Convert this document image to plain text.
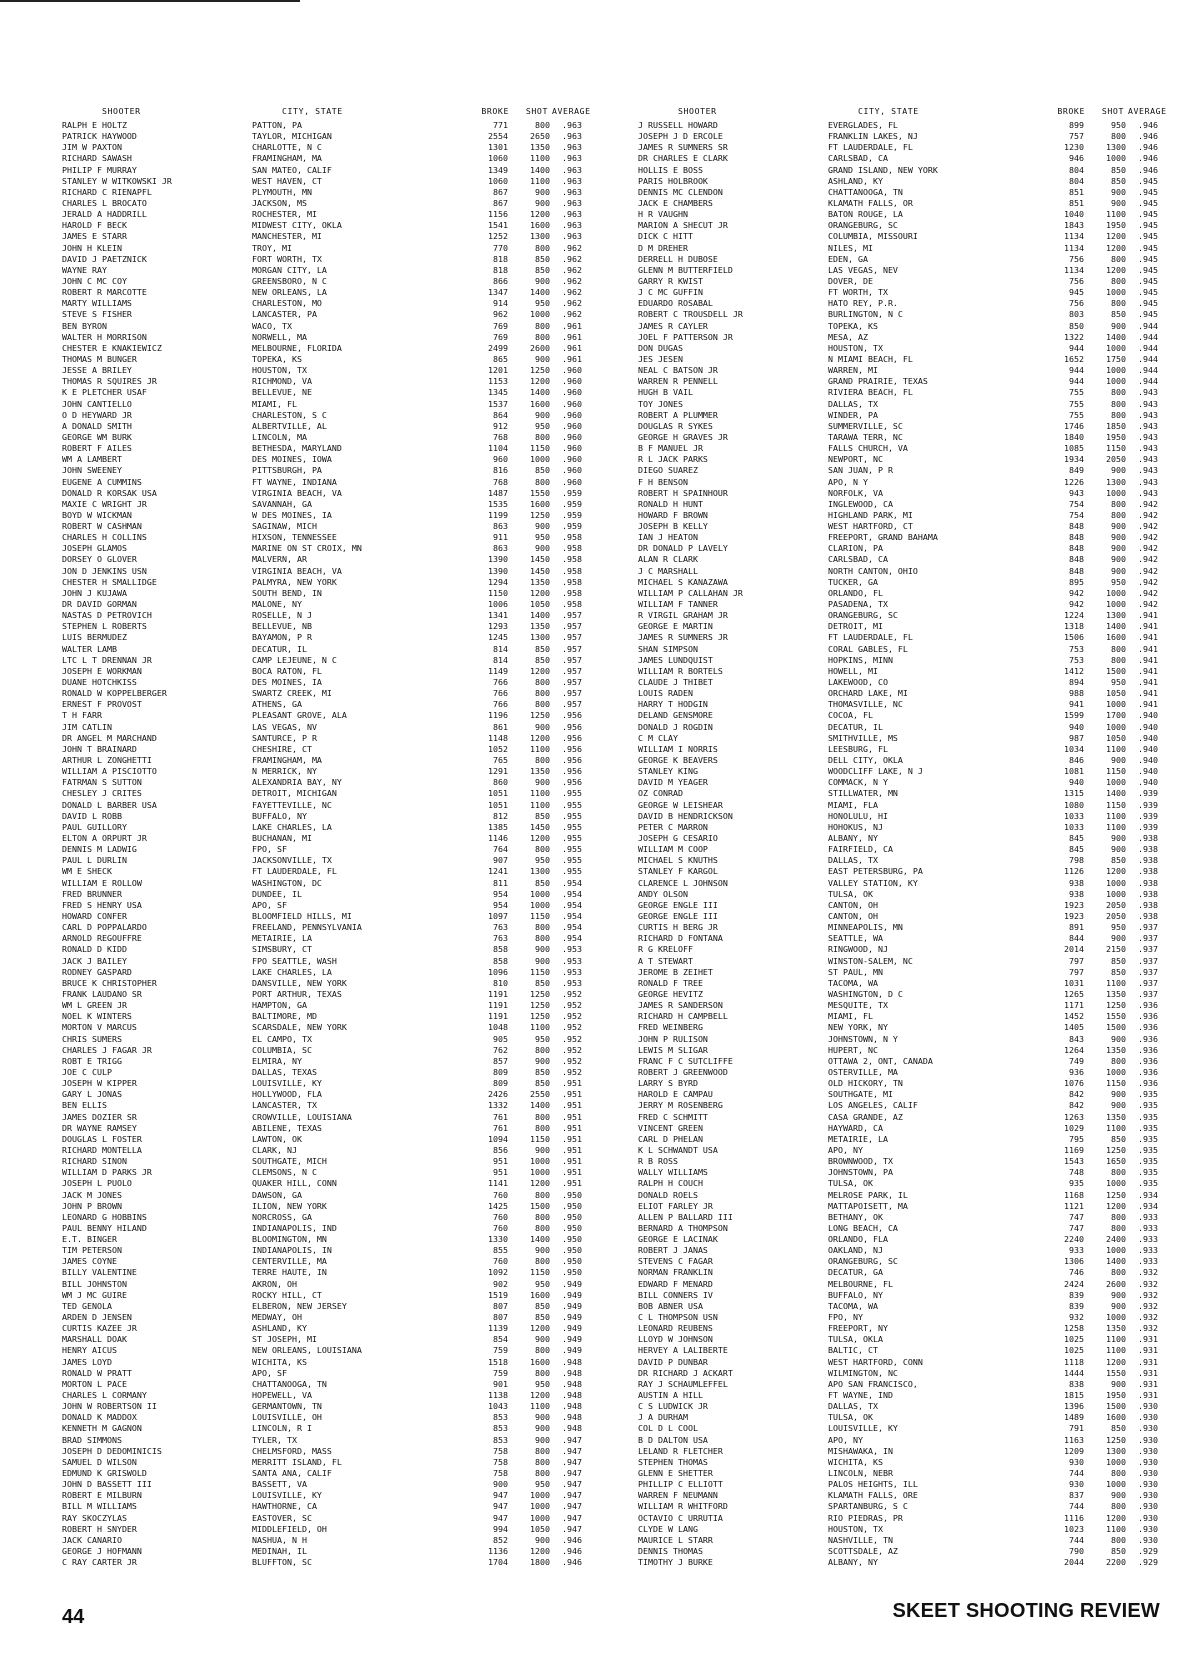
SHOOTER	CITY, STATE	BROKE	SHOT AVERAGE
RALPH E HOLTZ	PATTON, PA	771	800 .963
PATRICK HAYWOOD	TAYLOR, MICHIGAN	2554	2650 .963
JIM W PAXTON	CHARLOTTE, N C	1301	1350 .963
RICHARD SAWASH	FRAMINGHAM, MA	1060	1100 .963
PHILIP F MURRAY	SAN MATEO, CALIF	1349	1400 .963
STANLEY W WITKOWSKI JR	WEST HAVEN, CT	1060	1100 .963
RICHARD C RIENAPFL	PLYMOUTH, MN	867	900 .963
CHARLES L BROCATO	JACKSON, MS	867	900 .963
JERALD A HADDRILL	ROCHESTER, MI	1156	1200 .963
HAROLD F BECK	MIDWEST CITY, OKLA	1541	1600 .963
JAMES E STARR	MANCHESTER, MI	1252	1300 .963
JOHN H KLEIN	TROY, MI	770	800 .962
DAVID J PAETZNICK	FORT WORTH, TX	818	850 .962
WAYNE RAY	MORGAN CITY, LA	818	850 .962
JOHN C MC COY	GREENSBORO, N C	866	900 .962
ROBERT R MARCOTTE	NEW ORLEANS, LA	1347	1400 .962
MARTY WILLIAMS	CHARLESTON, MO	914	950 .962
STEVE S FISHER	LANCASTER, PA	962	1000 .962
BEN BYRON	WACO, TX	769	800 .961
WALTER H MORRISON	NORWELL, MA	769	800 .961
CHESTER E KNAKIEWICZ	MELBOURNE, FLORIDA	2499	2600 .961
THOMAS M BUNGER	TOPEKA, KS	865	900 .961
JESSE A BRILEY	HOUSTON, TX	1201	1250 .960
THOMAS R SQUIRES JR	RICHMOND, VA	1153	1200 .960
K E PLETCHER USAF	BELLEVUE, NE	1345	1400 .960
JOHN CANTIELLO	MIAMI, FL	1537	1600 .960
O D HEYWARD JR	CHARLESTON, S C	864	900 .960
A DONALD SMITH	ALBERTVILLE, AL	912	950 .960
GEORGE WM BURK	LINCOLN, MA	768	800 .960
ROBERT F AILES	BETHESDA, MARYLAND	1104	1150 .960
WM A LAMBERT	DES MOINES, IOWA	960	1000 .960
JOHN SWEENEY	PITTSBURGH, PA	816	850 .960
EUGENE A CUMMINS	FT WAYNE, INDIANA	768	800 .960
DONALD R KORSAK USA	VIRGINIA BEACH, VA	1487	1550 .959
MAXIE C WRIGHT JR	SAVANNAH, GA	1535	1600 .959
BOYD W WICKMAN	W DES MOINES, IA	1199	1250 .959
ROBERT W CASHMAN	SAGINAW, MICH	863	900 .959
CHARLES H COLLINS	HIXSON, TENNESSEE	911	950 .958
JOSEPH GLAMOS	MARINE ON ST CROIX, MN	863	900 .958
DORSEY O GLOVER	MALVERN, AR	1390	1450 .958
JON D JENKINS USN	VIRGINIA BEACH, VA	1390	1450 .958
CHESTER H SMALLIDGE	PALMYRA, NEW YORK	1294	1350 .958
JOHN J KUJAWA	SOUTH BEND, IN	1150	1200 .958
DR DAVID GORMAN	MALONE, NY	1006	1050 .958
NASTAS D PETROVICH	ROSELLE, N J	1341	1400 .957
STEPHEN L ROBERTS	BELLEVUE, NB	1293	1350 .957
LUIS BERMUDEZ	BAYAMON, P R	1245	1300 .957
WALTER LAMB	DECATUR, IL	814	850 .957
LTC L T DRENNAN JR	CAMP LEJEUNE, N C	814	850 .957
JOSEPH E WORKMAN	BOCA RATON, FL	1149	1200 .957
DUANE HOTCHKISS	DES MOINES, IA	766	800 .957
RONALD W KOPPELBERGER	SWARTZ CREEK, MI	766	800 .957
ERNEST F PROVOST	ATHENS, GA	766	800 .957
T H FARR	PLEASANT GROVE, ALA	1196	1250 .956
JIM CATLIN	LAS VEGAS, NV	861	900 .956
DR ANGEL M MARCHAND	SANTURCE, P R	1148	1200 .956
JOHN T BRAINARD	CHESHIRE, CT	1052	1100 .956
ARTHUR L ZONGHETTI	FRAMINGHAM, MA	765	800 .956
WILLIAM A PISCIOTTO	N MERRICK, NY	1291	1350 .956
FATRMAN S SUTTON	ALEXANDRIA BAY, NY	860	900 .956
CHESLEY J CRITES	DETROIT, MICHIGAN	1051	1100 .955
DONALD L BARBER USA	FAYETTEVILLE, NC	1051	1100 .955
DAVID L ROBB	BUFFALO, NY	812	850 .955
PAUL GUILLORY	LAKE CHARLES, LA	1385	1450 .955
ELTON A ORPURT JR	BUCHANAN, MI	1146	1200 .955
DENNIS M LADWIG	FPO, SF	764	800 .955
PAUL L DURLIN	JACKSONVILLE, TX	907	950 .955
WM E SHECK	FT LAUDERDALE, FL	1241	1300 .955
WILLIAM E ROLLOW	WASHINGTON, DC	811	850 .954
FRED BRUNNER	DUNDEE, IL	954	1000 .954
FRED S HENRY USA	APO, SF	954	1000 .954
HOWARD CONFER	BLOOMFIELD HILLS, MI	1097	1150 .954
CARL D POPPALARDO	FREELAND, PENNSYLVANIA	763	800 .954
ARNOLD REGOUFFRE	METAIRIE, LA	763	800 .954
RONALD D KIDD	SIMSBURY, CT	858	900 .953
JACK J BAILEY	FPO SEATTLE, WASH	858	900 .953
RODNEY GASPARD	LAKE CHARLES, LA	1096	1150 .953
BRUCE K CHRISTOPHER	DANSVILLE, NEW YORK	810	850 .953
FRANK LAUDANO SR	PORT ARTHUR, TEXAS	1191	1250 .952
WM L GREEN JR	HAMPTON, GA	1191	1250 .952
NOEL K WINTERS	BALTIMORE, MD	1191	1250 .952
MORTON V MARCUS	SCARSDALE, NEW YORK	1048	1100 .952
CHRIS SUMERS	EL CAMPO, TX	905	950 .952
CHARLES J FAGAR JR	COLUMBIA, SC	762	800 .952
ROBT E TRIGG	ELMIRA, NY	857	900 .952
JOE C CULP	DALLAS, TEXAS	809	850 .952
JOSEPH W KIPPER	LOUISVILLE, KY	809	850 .951
GARY L JONAS	HOLLYWOOD, FLA	2426	2550 .951
BEN ELLIS	LANCASTER, TX	1332	1400 .951
JAMES DOZIER SR	CROWVILLE, LOUISIANA	761	800 .951
DR WAYNE RAMSEY	ABILENE, TEXAS	761	800 .951
DOUGLAS L FOSTER	LAWTON, OK	1094	1150 .951
RICHARD MONTELLA	CLARK, NJ	856	900 .951
RICHARD SINON	SOUTHGATE, MICH	951	1000 .951
WILLIAM D PARKS JR	CLEMSONS, N C	951	1000 .951
JOSEPH L PUOLO	QUAKER HILL, CONN	1141	1200 .951
JACK M JONES	DAWSON, GA	760	800 .950
JOHN P BROWN	ILION, NEW YORK	1425	1500 .950
LEONARD G HOBBINS	NORCROSS, GA	760	800 .950
PAUL BENNY HILAND	INDIANAPOLIS, IND	760	800 .950
E.T. BINGER	BLOOMINGTON, MN	1330	1400 .950
TIM PETERSON	INDIANAPOLIS, IN	855	900 .950
JAMES COYNE	CENTERVILLE, MA	760	800 .950
BILLY VALENTINE	TERRE HAUTE, IN	1092	1150 .950
BILL JOHNSTON	AKRON, OH	902	950 .949
WM J MC GUIRE	ROCKY HILL, CT	1519	1600 .949
TED GENOLA	ELBERON, NEW JERSEY	807	850 .949
ARDEN D JENSEN	MEDWAY, OH	807	850 .949
CURTIS KAZEE JR	ASHLAND, KY	1139	1200 .949
MARSHALL DOAK	ST JOSEPH, MI	854	900 .949
HENRY AICUS	NEW ORLEANS, LOUISIANA	759	800 .949
JAMES LOYD	WICHITA, KS	1518	1600 .948
RONALD W PRATT	APO, SF	759	800 .948
MORTON L PACE	CHATTANOOGA, TN	901	950 .948
CHARLES L CORMANY	HOPEWELL, VA	1138	1200 .948
JOHN W ROBERTSON II	GERMANTOWN, TN	1043	1100 .948
DONALD K MADDOX	LOUISVILLE, OH	853	900 .948
KENNETH M GAGNON	LINCOLN, R I	853	900 .948
BRAD SIMMONS	TYLER, TX	853	900 .947
JOSEPH D DEDOMINICIS	CHELMSFORD, MASS	758	800 .947
SAMUEL D WILSON	MERRITT ISLAND, FL	758	800 .947
EDMUND K GRISWOLD	SANTA ANA, CALIF	758	800 .947
JOHN D BASSETT III	BASSETT, VA	900	950 .947
ROBERT E MILBURN	LOUISVILLE, KY	947	1000 .947
BILL M WILLIAMS	HAWTHORNE, CA	947	1000 .947
RAY SKOCZYLAS	EASTOVER, SC	947	1000 .947
ROBERT H SNYDER	MIDDLEFIELD, OH	994	1050 .947
JACK CANARIO	NASHUA, N H	852	900 .946
GEORGE J HOFMANN	MEDINAH, IL	1136	1200 .946
C RAY CARTER JR	BLUFFTON, SC	1704	1800 .946
SHOOTER	CITY, STATE	BROKE	SHOT AVERAGE
J RUSSELL HOWARD	EVERGLADES, FL	899	950 .946
JOSEPH J D ERCOLE	FRANKLIN LAKES, NJ	757	800 .946
JAMES R SUMNERS SR	FT LAUDERDALE, FL	1230	1300 .946
DR CHARLES E CLARK	CARLSBAD, CA	946	1000 .946
HOLLIS E BOSS	GRAND ISLAND, NEW YORK	804	850 .946
PARIS HOLBROOK	ASHLAND, KY	804	850 .945
DENNIS MC CLENDON	CHATTANOOGA, TN	851	900 .945
JACK E CHAMBERS	KLAMATH FALLS, OR	851	900 .945
H R VAUGHN	BATON ROUGE, LA	1040	1100 .945
MARION A SHECUT JR	ORANGEBURG, SC	1843	1950 .945
DICK C HITT	COLUMBIA, MISSOURI	1134	1200 .945
D M DREHER	NILES, MI	1134	1200 .945
DERRELL H DUBOSE	EDEN, GA	756	800 .945
GLENN M BUTTERFIELD	LAS VEGAS, NEV	1134	1200 .945
GARRY R KWIST	DOVER, DE	756	800 .945
J C MC GUFFIN	FT WORTH, TX	945	1000 .945
EDUARDO ROSABAL	HATO REY, P.R.	756	800 .945
ROBERT C TROUSDELL JR	BURLINGTON, N C	803	850 .945
JAMES R CAYLER	TOPEKA, KS	850	900 .944
JOEL F PATTERSON JR	MESA, AZ	1322	1400 .944
DON DUGAS	HOUSTON, TX	944	1000 .944
JES JESEN	N MIAMI BEACH, FL	1652	1750 .944
NEAL C BATSON JR	WARREN, MI	944	1000 .944
WARREN R PENNELL	GRAND PRAIRIE, TEXAS	944	1000 .944
HUGH B VAIL	RIVIERA BEACH, FL	755	800 .943
TOY JONES	DALLAS, TX	755	800 .943
ROBERT A PLUMMER	WINDER, PA	755	800 .943
DOUGLAS R SYKES	SUMMERVILLE, SC	1746	1850 .943
GEORGE H GRAVES JR	TARAWA TERR, NC	1840	1950 .943
B F MANUEL JR	FALLS CHURCH, VA	1085	1150 .943
R L JACK PARKS	NEWPORT, NC	1934	2050 .943
DIEGO SUAREZ	SAN JUAN, P R	849	900 .943
F H BENSON	APO, N Y	1226	1300 .943
ROBERT H SPAINHOUR	NORFOLK, VA	943	1000 .943
RONALD H HUNT	INGLEWOOD, CA	754	800 .942
HOWARD F BROWN	HIGHLAND PARK, MI	754	800 .942
JOSEPH B KELLY	WEST HARTFORD, CT	848	900 .942
IAN J HEATON	FREEPORT, GRAND BAHAMA	848	900 .942
DR DONALD P LAVELY	CLARION, PA	848	900 .942
ALAN R CLARK	CARLSBAD, CA	848	900 .942
J C MARSHALL	NORTH CANTON, OHIO	848	900 .942
MICHAEL S KANAZAWA	TUCKER, GA	895	950 .942
WILLIAM P CALLAHAN JR	ORLANDO, FL	942	1000 .942
WILLIAM F TANNER	PASADENA, TX	942	1000 .942
R VIRGIL GRAHAM JR	ORANGEBURG, SC	1224	1300 .941
GEORGE E MARTIN	DETROIT, MI	1318	1400 .941
JAMES R SUMNERS JR	FT LAUDERDALE, FL	1506	1600 .941
SHAN SIMPSON	CORAL GABLES, FL	753	800 .941
JAMES LUNDQUIST	HOPKINS, MINN	753	800 .941
WILLIAM R BORTELS	HOWELL, MI	1412	1500 .941
CLAUDE J THIBET	LAKEWOOD, CO	894	950 .941
LOUIS RADEN	ORCHARD LAKE, MI	988	1050 .941
HARRY T HODGIN	THOMASVILLE, NC	941	1000 .941
DELAND GENSMORE	COCOA, FL	1599	1700 .940
DONALD J ROGDIN	DECATUR, IL	940	1000 .940
C M CLAY	SMITHVILLE, MS	987	1050 .940
WILLIAM I NORRIS	LEESBURG, FL	1034	1100 .940
GEORGE K BEAVERS	DELL CITY, OKLA	846	900 .940
STANLEY KING	WOODCLIFF LAKE, N J	1081	1150 .940
DAVID M YEAGER	COMMACK, N Y	940	1000 .940
OZ CONRAD	STILLWATER, MN	1315	1400 .939
GEORGE W LEISHEAR	MIAMI, FLA	1080	1150 .939
DAVID B HENDRICKSON	HONOLULU, HI	1033	1100 .939
PETER C MARRON	HOHOKUS, NJ	1033	1100 .939
JOSEPH G CESARIO	ALBANY, NY	845	900 .938
WILLIAM M COOP	FAIRFIELD, CA	845	900 .938
MICHAEL S KNUTHS	DALLAS, TX	798	850 .938
STANLEY F KARGOL	EAST PETERSBURG, PA	1126	1200 .938
CLARENCE L JOHNSON	VALLEY STATION, KY	938	1000 .938
ANDY OLSON	TULSA, OK	938	1000 .938
GEORGE ENGLE III	CANTON, OH	1923	2050 .938
GEORGE ENGLE III	CANTON, OH	1923	2050 .938
CURTIS H BERG JR	MINNEAPOLIS, MN	891	950 .937
RICHARD D FONTANA	SEATTLE, WA	844	900 .937
R G KRELOFF	RINGWOOD, NJ	2014	2150 .937
A T STEWART	WINSTON-SALEM, NC	797	850 .937
JEROME B ZEIHET	ST PAUL, MN	797	850 .937
RONALD F TREE	TACOMA, WA	1031	1100 .937
GEORGE HEVITZ	WASHINGTON, D C	1265	1350 .937
JAMES R SANDERSON	MESQUITE, TX	1171	1250 .936
RICHARD H CAMPBELL	MIAMI, FL	1452	1550 .936
FRED WEINBERG	NEW YORK, NY	1405	1500 .936
JOHN P RULISON	JOHNSTOWN, N Y	843	900 .936
LEWIS M SLIGAR	HUPERT, NC	1264	1350 .936
FRANC F C SUTCLIFFE	OTTAWA 2, ONT, CANADA	749	800 .936
ROBERT J GREENWOOD	OSTERVILLE, MA	936	1000 .936
LARRY S BYRD	OLD HICKORY, TN	1076	1150 .936
HAROLD E CAMPAU	SOUTHGATE, MI	842	900 .935
JERRY M ROSENBERG	LOS ANGELES, CALIF	842	900 .935
FRED C SCHMITT	CASA GRANDE, AZ	1263	1350 .935
VINCENT GREEN	HAYWARD, CA	1029	1100 .935
CARL D PHELAN	METAIRIE, LA	795	850 .935
K L SCHWANDT USA	APO, NY	1169	1250 .935
R B ROSS	BROWNWOOD, TX	1543	1650 .935
WALLY WILLIAMS	JOHNSTOWN, PA	748	800 .935
RALPH H COUCH	TULSA, OK	935	1000 .935
DONALD ROELS	MELROSE PARK, IL	1168	1250 .934
ELIOT FARLEY JR	MATTAPOISETT, MA	1121	1200 .934
ALLEN P BALLARD III	BETHANY, OK	747	800 .933
BERNARD A THOMPSON	LONG BEACH, CA	747	800 .933
GEORGE E LACINAK	ORLANDO, FLA	2240	2400 .933
ROBERT J JANAS	OAKLAND, NJ	933	1000 .933
STEVENS C FAGAR	ORANGEBURG, SC	1306	1400 .933
NORMAN FRANKLIN	DECATUR, GA	746	800 .932
EDWARD F MENARD	MELBOURNE, FL	2424	2600 .932
BILL CONNERS IV	BUFFALO, NY	839	900 .932
BOB ABNER USA	TACOMA, WA	839	900 .932
C L THOMPSON USN	FPO, NY	932	1000 .932
LEONARD REUBENS	FREEPORT, NY	1258	1350 .932
LLOYD W JOHNSON	TULSA, OKLA	1025	1100 .931
HERVEY A LALIBERTE	BALTIC, CT	1025	1100 .931
DAVID P DUNBAR	WEST HARTFORD, CONN	1118	1200 .931
DR RICHARD J ACKART	WILMINGTON, NC	1444	1550 .931
RAY J SCHAUMLEFFEL	APO SAN FRANCISCO,	838	900 .931
AUSTIN A HILL	FT WAYNE, IND	1815	1950 .931
C S LUDWICK JR	DALLAS, TX	1396	1500 .930
J A DURHAM	TULSA, OK	1489	1600 .930
COL D L COOL	LOUISVILLE, KY	791	850 .930
B D DALTON USA	APO, NY	1163	1250 .930
LELAND R FLETCHER	MISHAWAKA, IN	1209	1300 .930
STEPHEN THOMAS	WICHITA, KS	930	1000 .930
GLENN E SHETTER	LINCOLN, NEBR	744	800 .930
PHILLIP C ELLIOTT	PALOS HEIGHTS, ILL	930	1000 .930
WARREN F NEUMANN	KLAMATH FALLS, ORE	837	900 .930
WILLIAM R WHITFORD	SPARTANBURG, S C	744	800 .930
OCTAVIO C URRUTIA	RIO PIEDRAS, PR	1116	1200 .930
CLYDE W LANG	HOUSTON, TX	1023	1100 .930
MAURICE L STARR	NASHVILLE, TN	744	800 .930
DENNIS THOMAS	SCOTTSDALE, AZ	790	850 .929
TIMOTHY J BURKE	ALBANY, NY	2044	2200 .929
44	SKEET SHOOTING REVIEW
